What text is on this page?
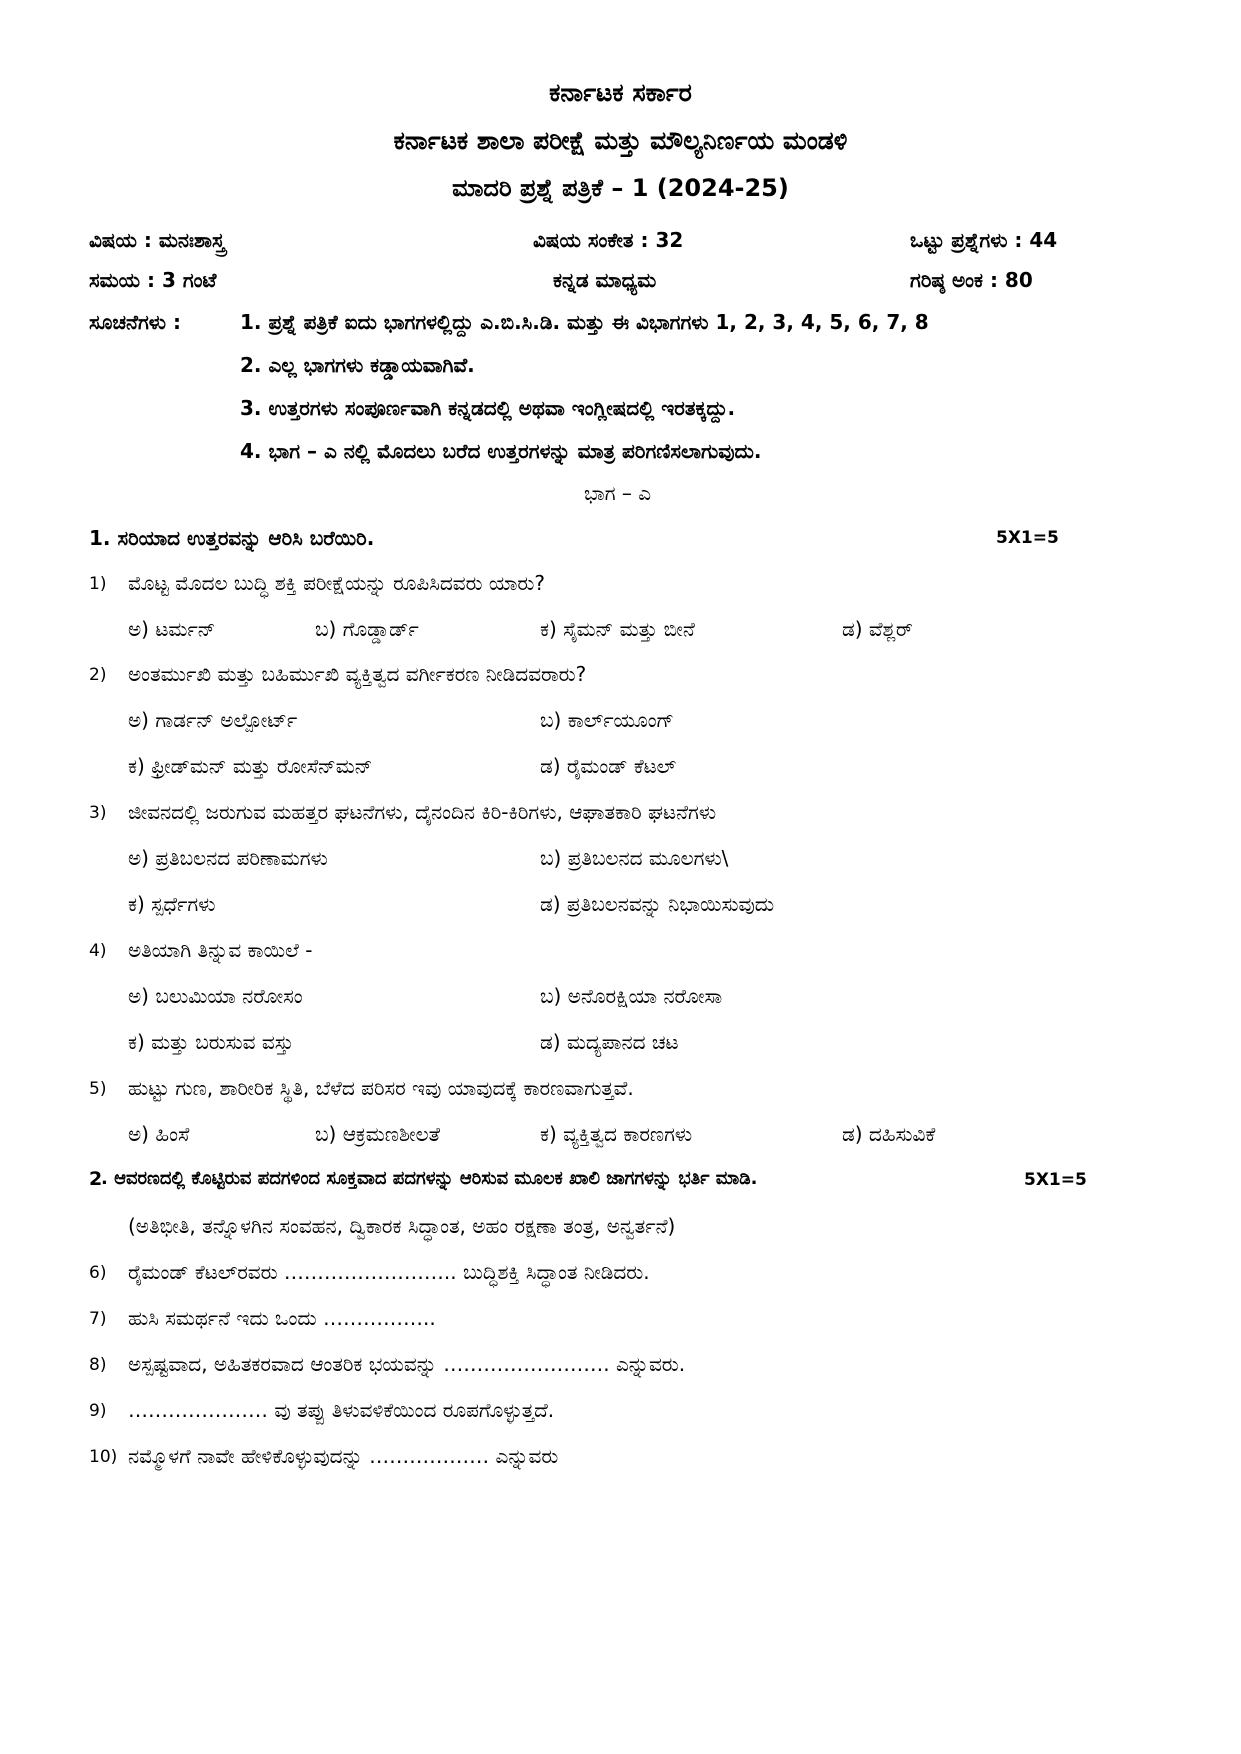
ಕರ್ನಾಟಕ ಸರ್ಕಾರ
ಕರ್ನಾಟಕ ಶಾಲಾ ಪರೀಕ್ಷೆ ಮತ್ತು ಮೌಲ್ಯನಿರ್ಣಯ ಮಂಡಳಿ
ಮಾದರಿ ಪ್ರಶ್ನೆ ಪತ್ರಿಕೆ – 1 (2024-25)
ವಿಷಯ : ಮನಃಶಾಸ್ತ್ರ	ವಿಷಯ ಸಂಕೇತ : 32	ಒಟ್ಟು ಪ್ರಶ್ನೆಗಳು : 44
ಸಮಯ : 3 ಗಂಟೆ	ಕನ್ನಡ ಮಾಧ್ಯಮ	ಗರಿಷ್ಠ ಅಂಕ : 80
ಸೂಚನೆಗಳು :	1. ಪ್ರಶ್ನೆ ಪತ್ರಿಕೆ ಐದು ಭಾಗಗಳಲ್ಲಿದ್ದು ಎ.ಬಿ.ಸಿ.ಡಿ. ಮತ್ತು ಈ ವಿಭಾಗಗಳು 1, 2, 3, 4, 5, 6, 7, 8
2. ಎಲ್ಲ ಭಾಗಗಳು ಕಡ್ಡಾಯವಾಗಿವೆ.
3. ಉತ್ತರಗಳು ಸಂಪೂರ್ಣವಾಗಿ ಕನ್ನಡದಲ್ಲಿ ಅಥವಾ ಇಂಗ್ಲೀಷದಲ್ಲಿ ಇರತಕ್ಕದ್ದು.
4. ಭಾಗ – ಎ ನಲ್ಲಿ ಮೊದಲು ಬರೆದ ಉತ್ತರಗಳನ್ನು ಮಾತ್ರ ಪರಿಗಣಿಸಲಾಗುವುದು.
ಭಾಗ – ಎ
1. ಸರಿಯಾದ ಉತ್ತರವನ್ನು ಆರಿಸಿ ಬರೆಯಿರಿ.	5X1=5
1) ಮೊಟ್ಟ ಮೊದಲ ಬುದ್ಧಿ ಶಕ್ತಿ ಪರೀಕ್ಷೆಯನ್ನು ರೂಪಿಸಿದವರು ಯಾರು?
ಅ) ಟರ್ಮನ್	ಬ) ಗೊಡ್ಡಾರ್ಡ್	ಕ) ಸೈಮನ್ ಮತ್ತು ಬೀನೆ	ಡ) ವೆಶ್ಲರ್
2) ಅಂತರ್ಮುಖಿ ಮತ್ತು ಬಹಿರ್ಮುಖಿ ವ್ಯಕ್ತಿತ್ವದ ವರ್ಗೀಕರಣ ನೀಡಿದವರಾರು?
ಅ) ಗಾರ್ಡನ್ ಅಲ್ಪೋರ್ಟ್	ಬ) ಕಾರ್ಲ್‌ಯೂಂಗ್
ಕ) ಫ್ರೀಡ್‌ಮನ್ ಮತ್ತು ರೋಸೆನ್‌ಮನ್	ಡ) ರೈಮಂಡ್ ಕೆಟಲ್
3) ಜೀವನದಲ್ಲಿ ಜರುಗುವ ಮಹತ್ತರ ಘಟನೆಗಳು, ದೈನಂದಿನ ಕಿರಿ-ಕಿರಿಗಳು, ಆಘಾತಕಾರಿ ಘಟನೆಗಳು
ಅ) ಪ್ರತಿಬಲನದ ಪರಿಣಾಮಗಳು	ಬ) ಪ್ರತಿಬಲನದ ಮೂಲಗಳು\
ಕ) ಸ್ಪರ್ಧೆಗಳು	ಡ) ಪ್ರತಿಬಲನವನ್ನು ನಿಭಾಯಿಸುವುದು
4) ಅತಿಯಾಗಿ ತಿನ್ನುವ ಕಾಯಿಲೆ -
ಅ) ಬಲುಮಿಯಾ ನರೋಸಂ	ಬ) ಅನೊರಕ್ಷಿಯಾ ನರೋಸಾ
ಕ) ಮತ್ತು ಬರುಸುವ ವಸ್ತು	ಡ) ಮದ್ಯಪಾನದ ಚಟ
5) ಹುಟ್ಟು ಗುಣ, ಶಾರೀರಿಕ ಸ್ಥಿತಿ, ಬೆಳೆದ ಪರಿಸರ ಇವು ಯಾವುದಕ್ಕೆ ಕಾರಣವಾಗುತ್ತವೆ.
ಅ) ಹಿಂಸೆ	ಬ) ಆಕ್ರಮಣಶೀಲತೆ	ಕ) ವ್ಯಕ್ತಿತ್ವದ ಕಾರಣಗಳು	ಡ) ದಹಿಸುವಿಕೆ
2
. ಆವರಣದಲ್ಲಿ ಕೊಟ್ಟಿರುವ ಪದಗಳಿಂದ ಸೂಕ್ತವಾದ ಪದಗಳನ್ನು ಆರಿಸುವ ಮೂಲಕ ಖಾಲಿ ಜಾಗಗಳನ್ನು ಭರ್ತಿ ಮಾಡಿ.	5X1=5
(ಅತಿಭೀತಿ, ತನ್ನೊಳಗಿನ ಸಂವಹನ, ದ್ವಿಕಾರಕ ಸಿದ್ಧಾಂತ, ಅಹಂ ರಕ್ಷಣಾ ತಂತ್ರ, ಅನ್ವರ್ತನೆ)
6) ರೈಮಂಡ್ ಕೆಟಲ್‌ರವರು …………………….. ಬುದ್ಧಿಶಕ್ತಿ ಸಿದ್ಧಾಂತ ನೀಡಿದರು.
7) ಹುಸಿ ಸಮರ್ಥನೆ ಇದು ಒಂದು ……………..
8) ಅಸ್ಪಷ್ಟವಾದ, ಅಹಿತಕರವಾದ ಆಂತರಿಕ ಭಯವನ್ನು ……………………. ಎನ್ನುವರು.
9) ………………… ವು ತಪ್ಪು ತಿಳುವಳಿಕೆಯಿಂದ ರೂಪಗೊಳ್ಳುತ್ತದೆ.
10) ನಮ್ಮೊಳಗೆ ನಾವೇ ಹೇಳಿಕೊಳ್ಳುವುದನ್ನು ……………… ಎನ್ನುವರು
